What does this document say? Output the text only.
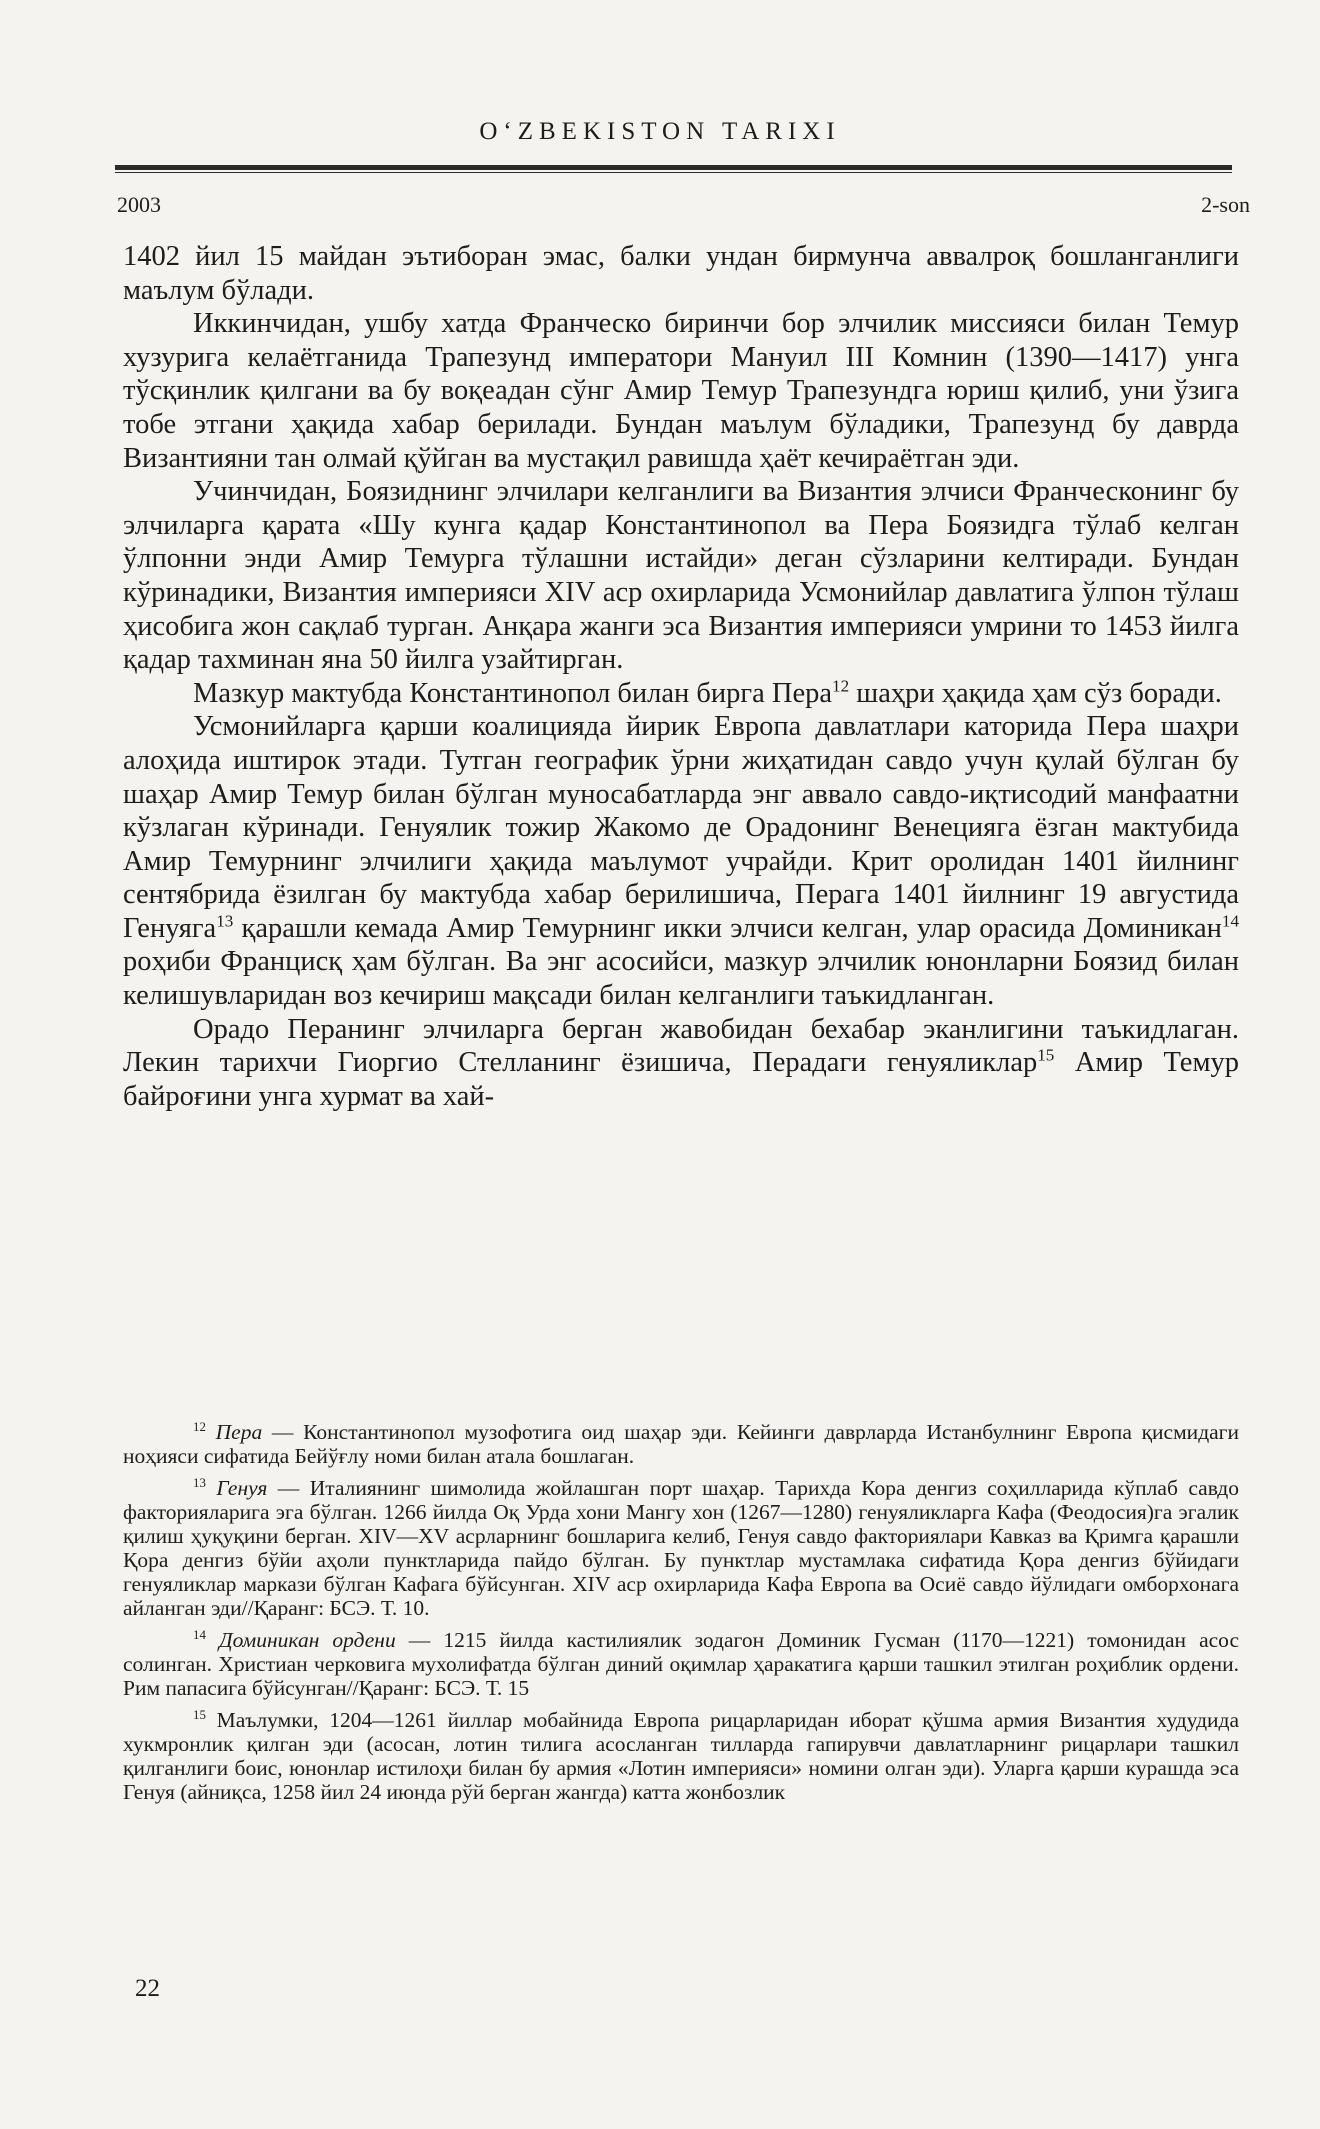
O‘ZBEKISTON TARIXI
2003	2-son

1402 йил 15 майдан эътиборан эмас, балки ундан бирмунча аввалроқ бошланганлиги маълум бўлади.

Иккинчидан, ушбу хатда Франческо биринчи бор элчилик миссияси билан Темур хузурига келаётганида Трапезунд императори Мануил III Комнин (1390—1417) унга тўсқинлик қилгани ва бу воқеадан сўнг Амир Темур Трапезундга юриш қилиб, уни ўзига тобе этгани ҳақида хабар берилади. Бундан маълум бўладики, Трапезунд бу даврда Византияни тан олмай қўйган ва мустақил равишда ҳаёт кечираётган эди.

Учинчидан, Боязиднинг элчилари келганлиги ва Византия элчиси Франческонинг бу элчиларга қарата «Шу кунга қадар Константинопол ва Пера Боязидга тўлаб келган ўлпонни энди Амир Темурга тўлашни истайди» деган сўзларини келтиради. Бундан кўринадики, Византия империяси XIV аср охирларида Усмонийлар давлатига ўлпон тўлаш ҳисобига жон сақлаб турган. Анқара жанги эса Византия империяси умрини то 1453 йилга қадар тахминан яна 50 йилга узайтирган.

Мазкур мактубда Константинопол билан бирга Пера$^{12}$ шаҳри ҳақида ҳам сўз боради.

Усмонийларга қарши коалицияда йирик Европа давлатлари каторида Пера шаҳри алоҳида иштирок этади. Тутган географик ўрни жиҳатидан савдо учун қулай бўлган бу шаҳар Амир Темур билан бўлган муносабатларда энг аввало савдо-иқтисодий манфаатни кўзлаган кўринади. Генуялик тожир Жакомо де Орадонинг Венецияга ёзган мактубида Амир Темурнинг элчилиги ҳақида маълумот учрайди. Крит оролидан 1401 йилнинг сентябрида ёзилган бу мактубда хабар берилишича, Перага 1401 йилнинг 19 августида Генуяга$^{13}$ қарашли кемада Амир Темурнинг икки элчиси келган, улар орасида Доминикан$^{14}$ роҳиби Францисқ ҳам бўлган. Ва энг асосийси, мазкур элчилик юнонларни Боязид билан келишувларидан воз кечириш мақсади билан келганлиги таъкидланган.

Орадо Перанинг элчиларга берган жавобидан бехабар эканлигини таъкидлаган. Лекин тарихчи Гиоргио Стелланинг ёзишича, Перадаги генуяликлар$^{15}$ Амир Темур байроғини унга хурмат ва хай-

$^{12}$ Пера — Константинопол музофотига оид шаҳар эди. Кейинги даврларда Истанбулнинг Европа қисмидаги ноҳияси сифатида Бейўғлу номи билан атала бошлаган.

$^{13}$ Генуя — Италиянинг шимолида жойлашган порт шаҳар. Тарихда Кора денгиз соҳилларида кўплаб савдо факторияларига эга бўлган. 1266 йилда Оқ Урда хони Мангу хон (1267—1280) генуяликларга Кафа (Феодосия)га эгалик қилиш ҳуқуқини берган. XIV—XV асрларнинг бошларига келиб, Генуя савдо факториялари Кавказ ва Қримга қарашли Қора денгиз бўйи аҳоли пунктларида пайдо бўлган. Бу пунктлар мустамлака сифатида Қора денгиз бўйидаги генуяликлар маркази бўлган Кафага бўйсунган. XIV аср охирларида Кафа Европа ва Осиё савдо йўлидаги омборхонага айланган эди//Қаранг: БСЭ. Т. 10.

$^{14}$ Доминикан ордени — 1215 йилда кастилиялик зодагон Доминик Гусман (1170—1221) томонидан асос солинган. Христиан черковига мухолифатда бўлган диний оқимлар ҳаракатига қарши ташкил этилган роҳиблик ордени. Рим папасига бўйсунган//Қаранг: БСЭ. Т. 15

$^{15}$ Маълумки, 1204—1261 йиллар мобайнида Европа рицарларидан иборат қўшма армия Византия худудида хукмронлик қилган эди (асосан, лотин тилига асосланган тилларда гапирувчи давлатларнинг рицарлари ташкил қилганлиги боис, юнонлар истилоҳи билан бу армия «Лотин империяси» номини олган эди). Уларга қарши курашда эса Генуя (айниқса, 1258 йил 24 июнда рўй берган жангда) катта жонбозлик

22
